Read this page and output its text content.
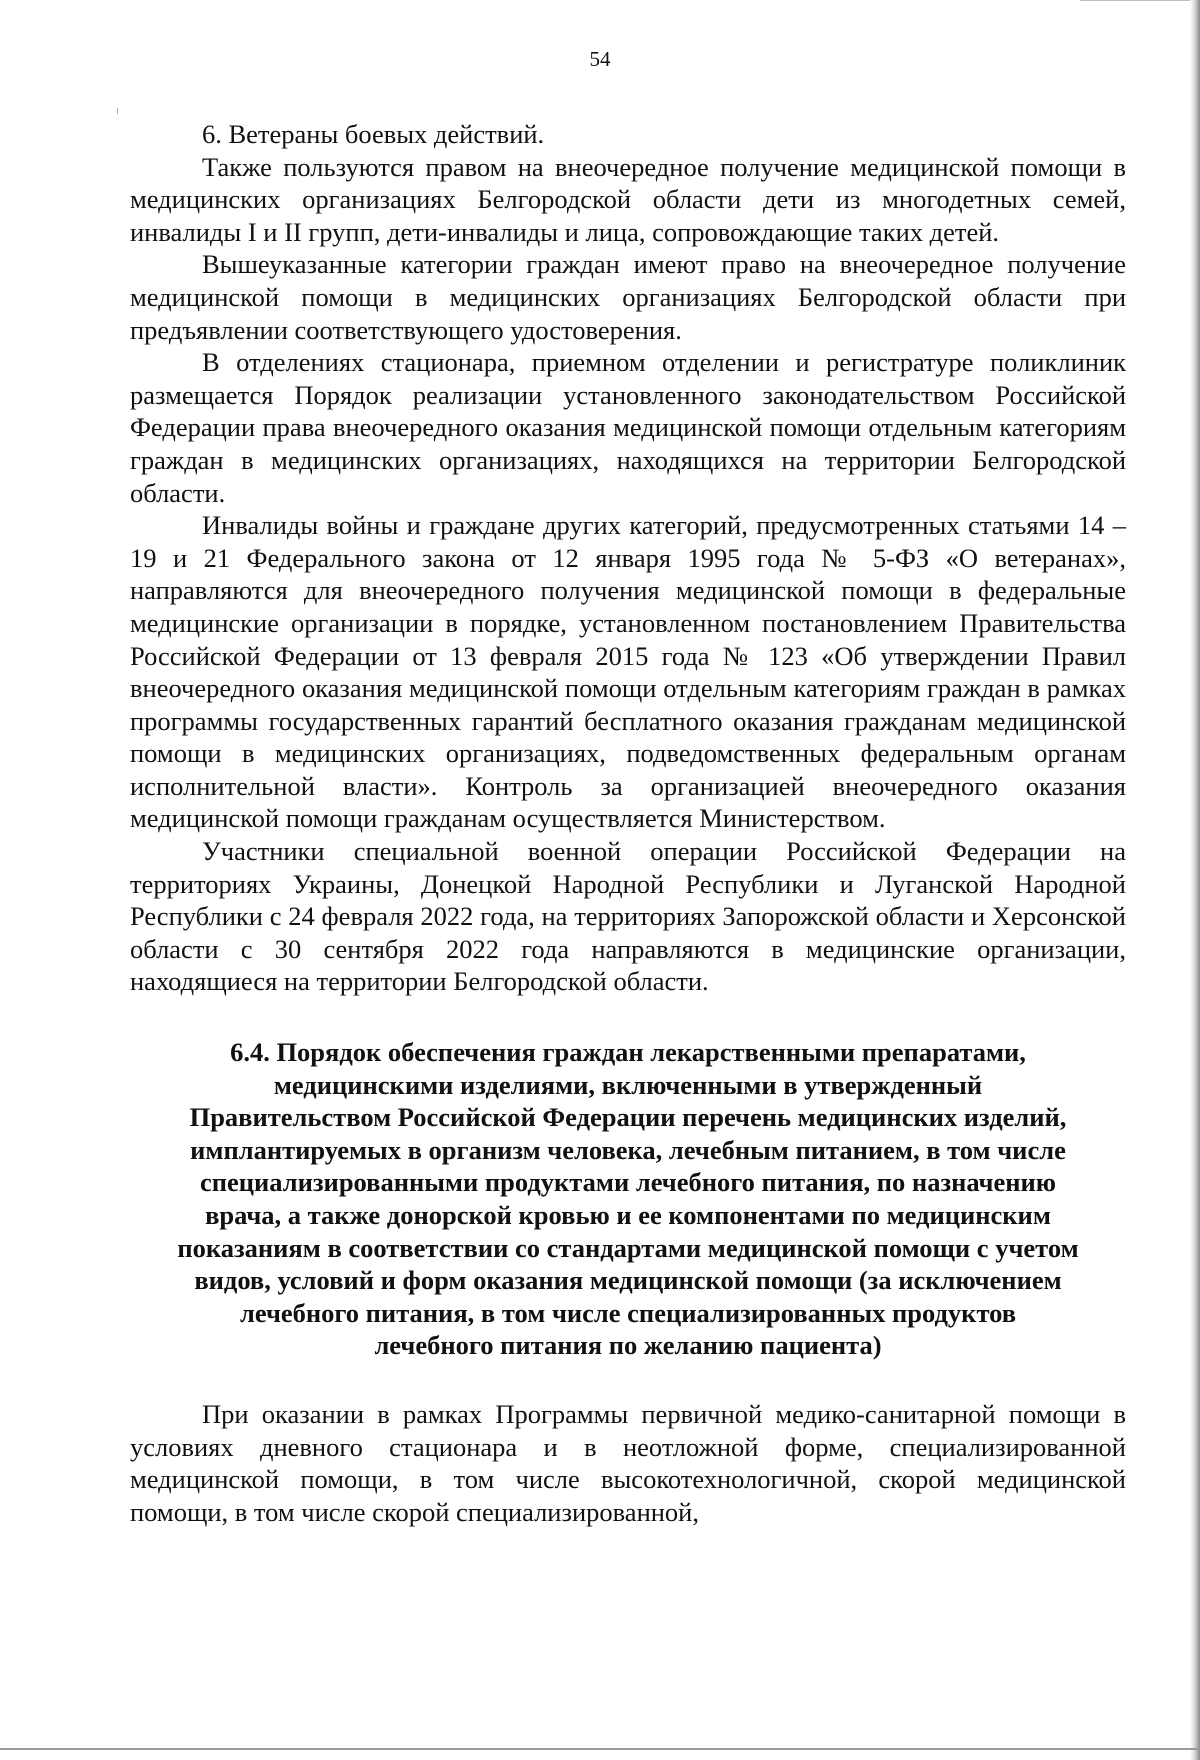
54

6. Ветераны боевых действий.

Также пользуются правом на внеочередное получение медицинской помощи в медицинских организациях Белгородской области дети из многодетных семей, инвалиды I и II групп, дети-инвалиды и лица, сопровождающие таких детей.

Вышеуказанные категории граждан имеют право на внеочередное получение медицинской помощи в медицинских организациях Белгородской области при предъявлении соответствующего удостоверения.

В отделениях стационара, приемном отделении и регистратуре поликлиник размещается Порядок реализации установленного законодательством Российской Федерации права внеочередного оказания медицинской помощи отдельным категориям граждан в медицинских организациях, находящихся на территории Белгородской области.

Инвалиды войны и граждане других категорий, предусмотренных статьями 14 – 19 и 21 Федерального закона от 12 января 1995 года № 5-ФЗ «О ветеранах», направляются для внеочередного получения медицинской помощи в федеральные медицинские организации в порядке, установленном постановлением Правительства Российской Федерации от 13 февраля 2015 года № 123 «Об утверждении Правил внеочередного оказания медицинской помощи отдельным категориям граждан в рамках программы государственных гарантий бесплатного оказания гражданам медицинской помощи в медицинских организациях, подведомственных федеральным органам исполнительной власти». Контроль за организацией внеочередного оказания медицинской помощи гражданам осуществляется Министерством.

Участники специальной военной операции Российской Федерации на территориях Украины, Донецкой Народной Республики и Луганской Народной Республики с 24 февраля 2022 года, на территориях Запорожской области и Херсонской области с 30 сентября 2022 года направляются в медицинские организации, находящиеся на территории Белгородской области.

6.4. Порядок обеспечения граждан лекарственными препаратами,
медицинскими изделиями, включенными в утвержденный
Правительством Российской Федерации перечень медицинских изделий,
имплантируемых в организм человека, лечебным питанием, в том числе
специализированными продуктами лечебного питания, по назначению
врача, а также донорской кровью и ее компонентами по медицинским
показаниям в соответствии со стандартами медицинской помощи с учетом
видов, условий и форм оказания медицинской помощи (за исключением
лечебного питания, в том числе специализированных продуктов
лечебного питания по желанию пациента)

При оказании в рамках Программы первичной медико-санитарной помощи в условиях дневного стационара и в неотложной форме, специализированной медицинской помощи, в том числе высокотехнологичной, скорой медицинской помощи, в том числе скорой специализированной,
